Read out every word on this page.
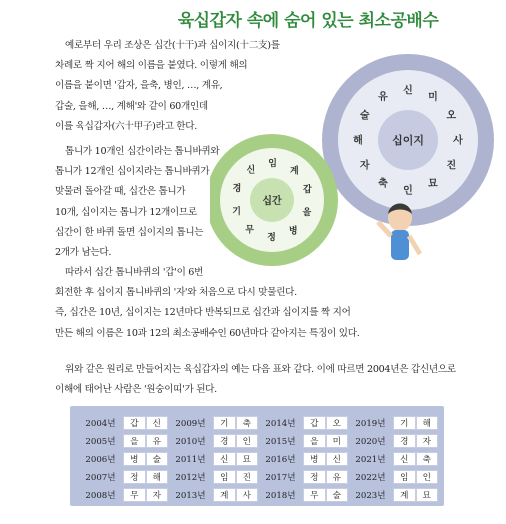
육십갑자 속에 숨어 있는 최소공배수

예로부터 우리 조상은 십간(十干)과 십이지(十二支)를

차례로 짝 지어 해의 이름을 붙였다. 이렇게 해의

이름을 붙이면 '갑자, 을축, 병인, …, 계유,

갑술, 을해, …, 계해'와 같이 60개인데

이를 육십갑자(六十甲子)라고 한다.

톱니가 10개인 십간이라는 톱니바퀴와

톱니가 12개인 십이지라는 톱니바퀴가

맞물려 돌아갈 때, 십간은 톱니가

10개, 십이지는 톱니가 12개이므로

십간이 한 바퀴 돌면 십이지의 톱니는

2개가 남는다.

따라서 십간 톱니바퀴의 '갑'이 6번

회전한 후 십이지 톱니바퀴의 '자'와 처음으로 다시 맞물린다.

즉, 십간은 10년, 십이지는 12년마다 반복되므로 십간과 십이지를 짝 지어

만든 해의 이름은 10과 12의 최소공배수인 60년마다 같아지는 특징이 있다.

위와 같은 원리로 만들어지는 육십갑자의 예는 다음 표와 같다. 이에 따르면 2004년은 갑신년으로

이해에 태어난 사람은 '원숭이띠'가 된다.

십이지
유
신
미
오
사
진
묘
인
축
자
해
술
십간
신
임
계
갑
을
병
정
무
기
경
2004년	갑	신	2009년	기	축	2014년	갑	오	2019년	기	해
2005년	을	유	2010년	경	인	2015년	을	미	2020년	경	자
2006년	병	술	2011년	신	묘	2016년	병	신	2021년	신	축
2007년	정	해	2012년	임	진	2017년	정	유	2022년	임	인
2008년	무	자	2013년	계	사	2018년	무	술	2023년	계	묘
